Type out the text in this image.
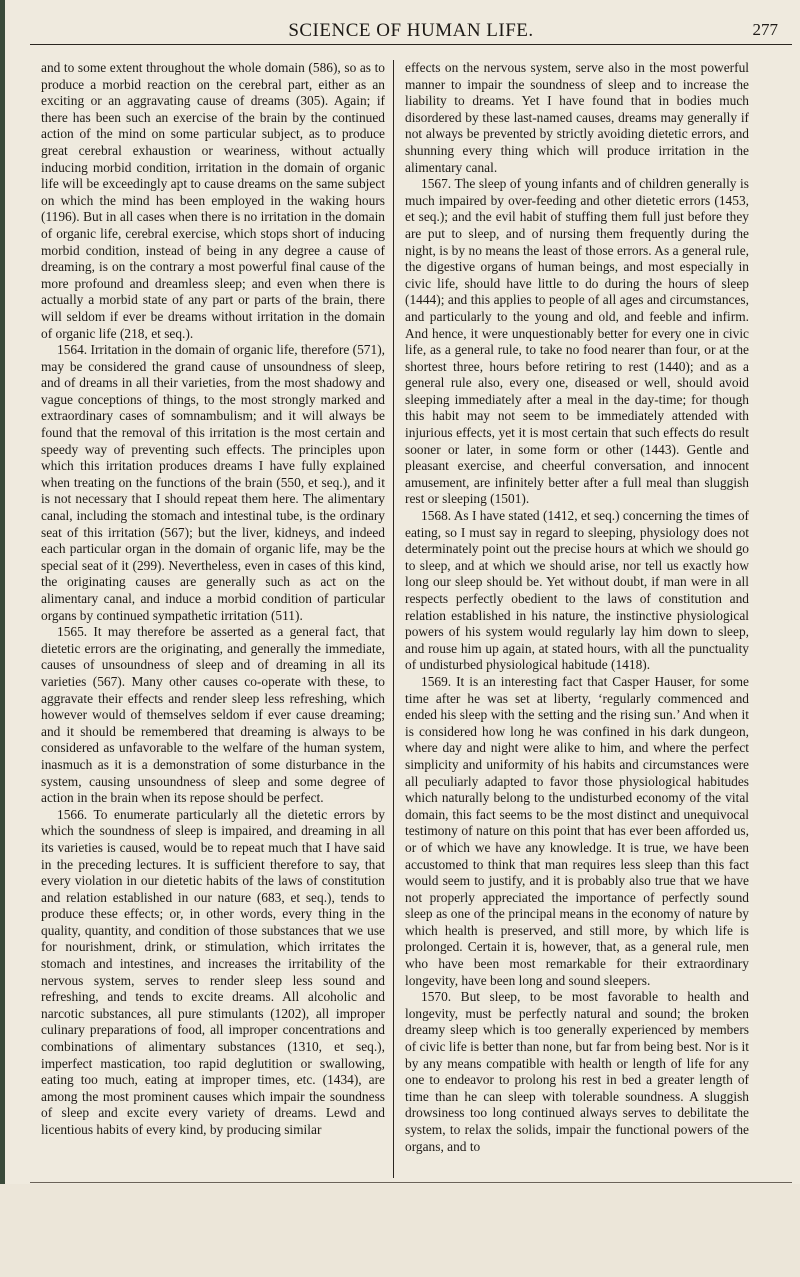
SCIENCE OF HUMAN LIFE.	277

and to some extent throughout the whole domain (586), so as to produce a morbid reaction on the cerebral part, either as an exciting or an aggravating cause of dreams (305). Again; if there has been such an exercise of the brain by the continued action of the mind on some particular subject, as to produce great cerebral exhaustion or weariness, without actually inducing morbid condition, irritation in the domain of organic life will be exceedingly apt to cause dreams on the same subject on which the mind has been employed in the waking hours (1196). But in all cases when there is no irritation in the domain of organic life, cerebral exercise, which stops short of inducing morbid condition, instead of being in any degree a cause of dreaming, is on the contrary a most powerful final cause of the more profound and dreamless sleep; and even when there is actually a morbid state of any part or parts of the brain, there will seldom if ever be dreams without irritation in the domain of organic life (218, et seq.).

1564. Irritation in the domain of organic life, therefore (571), may be considered the grand cause of unsoundness of sleep, and of dreams in all their varieties, from the most shadowy and vague conceptions of things, to the most strongly marked and extraordinary cases of somnambulism; and it will always be found that the removal of this irritation is the most certain and speedy way of preventing such effects. The principles upon which this irritation produces dreams I have fully explained when treating on the functions of the brain (550, et seq.), and it is not necessary that I should repeat them here. The alimentary canal, including the stomach and intestinal tube, is the ordinary seat of this irritation (567); but the liver, kidneys, and indeed each particular organ in the domain of organic life, may be the special seat of it (299). Nevertheless, even in cases of this kind, the originating causes are generally such as act on the alimentary canal, and induce a morbid condition of particular organs by continued sympathetic irritation (511).

1565. It may therefore be asserted as a general fact, that dietetic errors are the originating, and generally the immediate, causes of unsoundness of sleep and of dreaming in all its varieties (567). Many other causes co-operate with these, to aggravate their effects and render sleep less refreshing, which however would of themselves seldom if ever cause dreaming; and it should be remembered that dreaming is always to be considered as unfavorable to the welfare of the human system, inasmuch as it is a demonstration of some disturbance in the system, causing unsoundness of sleep and some degree of action in the brain when its repose should be perfect.

1566. To enumerate particularly all the dietetic errors by which the soundness of sleep is impaired, and dreaming in all its varieties is caused, would be to repeat much that I have said in the preceding lectures. It is sufficient therefore to say, that every violation in our dietetic habits of the laws of constitution and relation established in our nature (683, et seq.), tends to produce these effects; or, in other words, every thing in the quality, quantity, and condition of those substances that we use for nourishment, drink, or stimulation, which irritates the stomach and intestines, and increases the irritability of the nervous system, serves to render sleep less sound and refreshing, and tends to excite dreams. All alcoholic and narcotic substances, all pure stimulants (1202), all improper culinary preparations of food, all improper concentrations and combinations of alimentary substances (1310, et seq.), imperfect mastication, too rapid deglutition or swallowing, eating too much, eating at improper times, etc. (1434), are among the most prominent causes which impair the soundness of sleep and excite every variety of dreams. Lewd and licentious habits of every kind, by producing similar

effects on the nervous system, serve also in the most powerful manner to impair the soundness of sleep and to increase the liability to dreams. Yet I have found that in bodies much disordered by these last-named causes, dreams may generally if not always be prevented by strictly avoiding dietetic errors, and shunning every thing which will produce irritation in the alimentary canal.

1567. The sleep of young infants and of children generally is much impaired by over-feeding and other dietetic errors (1453, et seq.); and the evil habit of stuffing them full just before they are put to sleep, and of nursing them frequently during the night, is by no means the least of those errors. As a general rule, the digestive organs of human beings, and most especially in civic life, should have little to do during the hours of sleep (1444); and this applies to people of all ages and circumstances, and particularly to the young and old, and feeble and infirm. And hence, it were unquestionably better for every one in civic life, as a general rule, to take no food nearer than four, or at the shortest three, hours before retiring to rest (1440); and as a general rule also, every one, diseased or well, should avoid sleeping immediately after a meal in the day-time; for though this habit may not seem to be immediately attended with injurious effects, yet it is most certain that such effects do result sooner or later, in some form or other (1443). Gentle and pleasant exercise, and cheerful conversation, and innocent amusement, are infinitely better after a full meal than sluggish rest or sleeping (1501).

1568. As I have stated (1412, et seq.) concerning the times of eating, so I must say in regard to sleeping, physiology does not determinately point out the precise hours at which we should go to sleep, and at which we should arise, nor tell us exactly how long our sleep should be. Yet without doubt, if man were in all respects perfectly obedient to the laws of constitution and relation established in his nature, the instinctive physiological powers of his system would regularly lay him down to sleep, and rouse him up again, at stated hours, with all the punctuality of undisturbed physiological habitude (1418).

1569. It is an interesting fact that Casper Hauser, for some time after he was set at liberty, ‘regularly commenced and ended his sleep with the setting and the rising sun.’ And when it is considered how long he was confined in his dark dungeon, where day and night were alike to him, and where the perfect simplicity and uniformity of his habits and circumstances were all peculiarly adapted to favor those physiological habitudes which naturally belong to the undisturbed economy of the vital domain, this fact seems to be the most distinct and unequivocal testimony of nature on this point that has ever been afforded us, or of which we have any knowledge. It is true, we have been accustomed to think that man requires less sleep than this fact would seem to justify, and it is probably also true that we have not properly appreciated the importance of perfectly sound sleep as one of the principal means in the economy of nature by which health is preserved, and still more, by which life is prolonged. Certain it is, however, that, as a general rule, men who have been most remarkable for their extraordinary longevity, have been long and sound sleepers.

1570. But sleep, to be most favorable to health and longevity, must be perfectly natural and sound; the broken dreamy sleep which is too generally experienced by members of civic life is better than none, but far from being best. Nor is it by any means compatible with health or length of life for any one to endeavor to prolong his rest in bed a greater length of time than he can sleep with tolerable soundness. A sluggish drowsiness too long continued always serves to debilitate the system, to relax the solids, impair the functional powers of the organs, and to
